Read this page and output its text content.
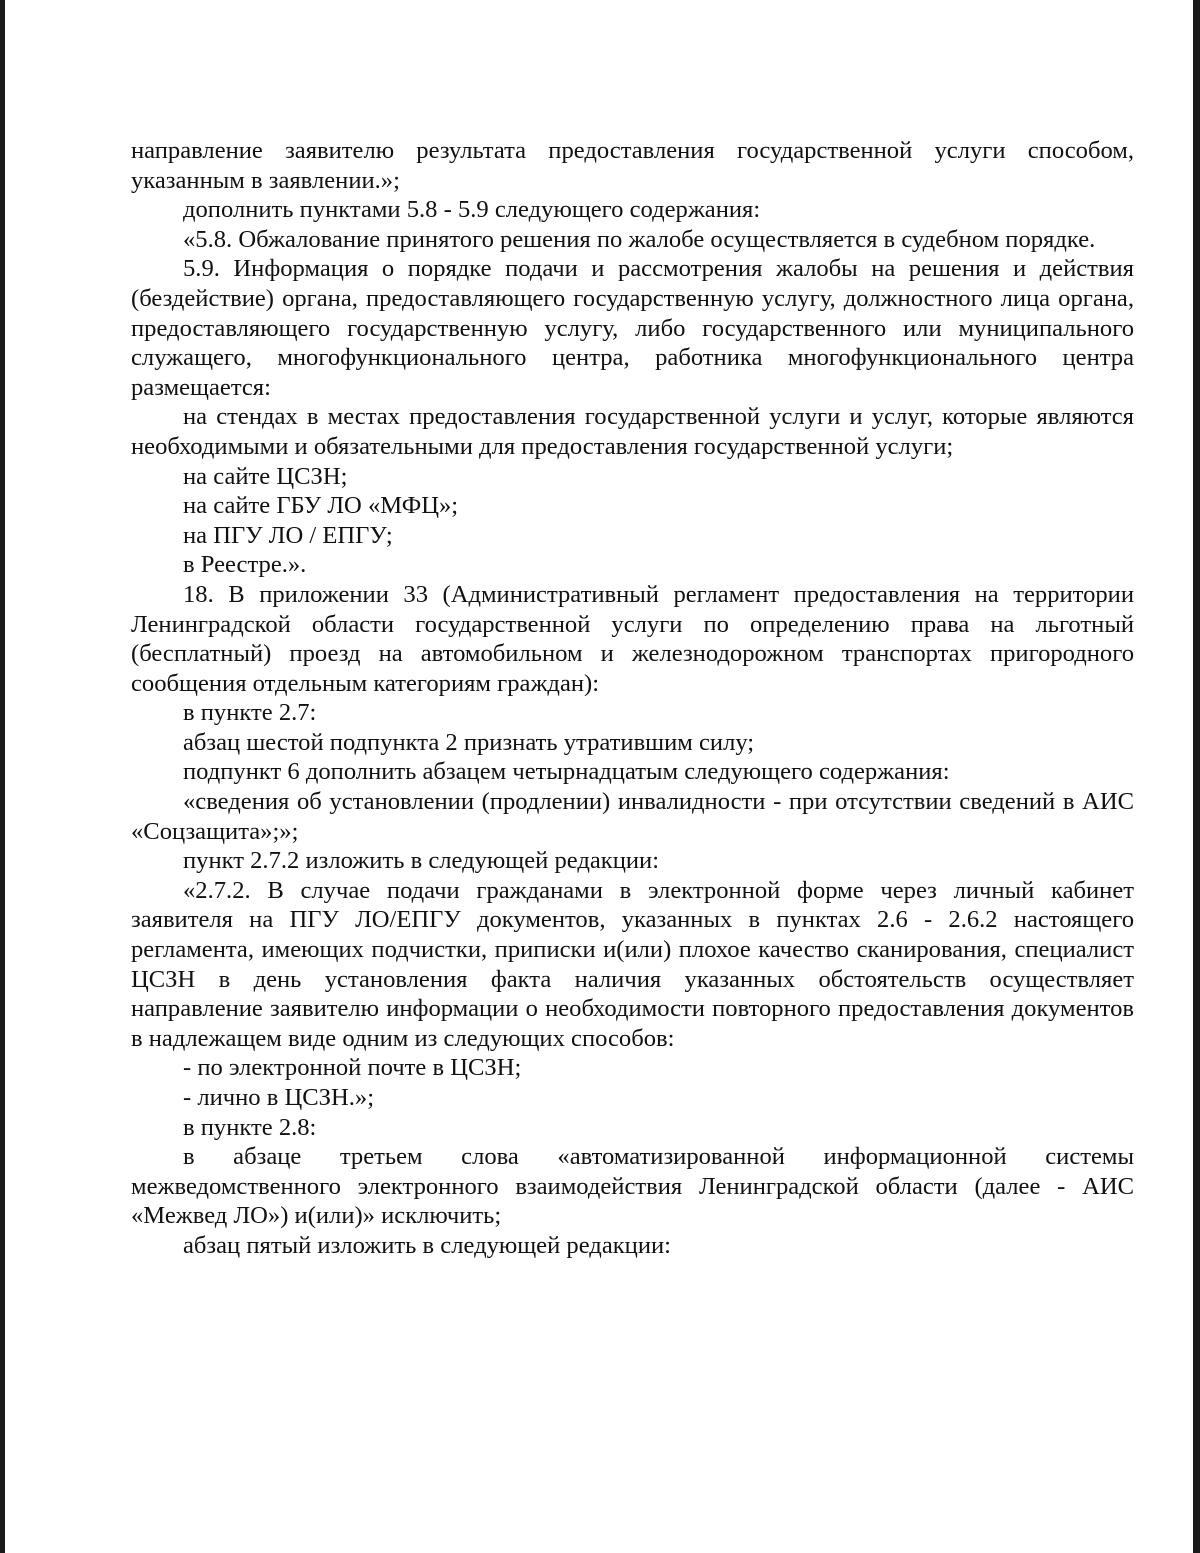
направление заявителю результата предоставления государственной услуги способом, указанным в заявлении.»;

дополнить пунктами 5.8 - 5.9 следующего содержания:

«5.8. Обжалование принятого решения по жалобе осуществляется в судебном порядке.

5.9. Информация о порядке подачи и рассмотрения жалобы на решения и действия (бездействие) органа, предоставляющего государственную услугу, должностного лица органа, предоставляющего государственную услугу, либо государственного или муниципального служащего, многофункционального центра, работника многофункционального центра размещается:

на стендах в местах предоставления государственной услуги и услуг, которые являются необходимыми и обязательными для предоставления государственной услуги;

на сайте ЦСЗН;

на сайте ГБУ ЛО «МФЦ»;

на ПГУ ЛО / ЕПГУ;

в Реестре.».

18. В приложении 33 (Административный регламент предоставления на территории Ленинградской области государственной услуги по определению права на льготный (бесплатный) проезд на автомобильном и железнодорожном транспортах пригородного сообщения отдельным категориям граждан):

в пункте 2.7:

абзац шестой подпункта 2 признать утратившим силу;

подпункт 6 дополнить абзацем четырнадцатым следующего содержания:

«сведения об установлении (продлении) инвалидности - при отсутствии сведений в АИС «Соцзащита»;»;

пункт 2.7.2 изложить в следующей редакции:

«2.7.2. В случае подачи гражданами в электронной форме через личный кабинет заявителя на ПГУ ЛО/ЕПГУ документов, указанных в пунктах 2.6 - 2.6.2 настоящего регламента, имеющих подчистки, приписки и(или) плохое качество сканирования, специалист ЦСЗН в день установления факта наличия указанных обстоятельств осуществляет направление заявителю информации о необходимости повторного предоставления документов в надлежащем виде одним из следующих способов:

- по электронной почте в ЦСЗН;

- лично в ЦСЗН.»;

в пункте 2.8:

в абзаце третьем слова «автоматизированной информационной системы межведомственного электронного взаимодействия Ленинградской области (далее - АИС «Межвед ЛО») и(или)» исключить;

абзац пятый изложить в следующей редакции:
